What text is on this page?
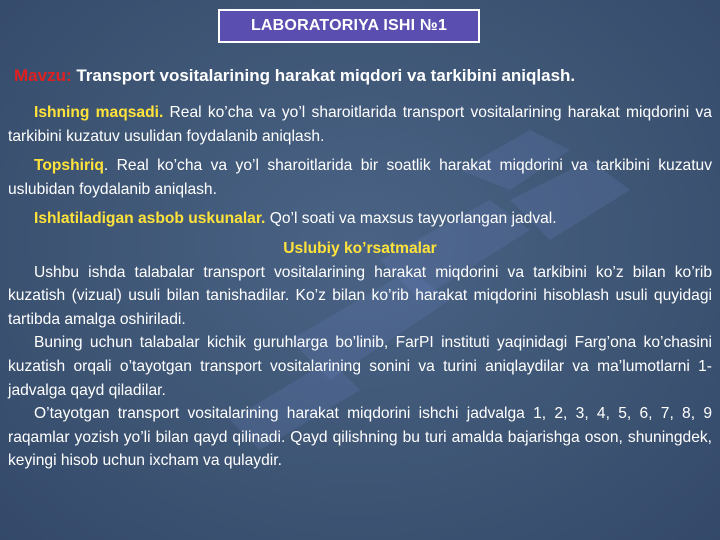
LABORATORIYA ISHI №1
Mavzu: Transport vositalarining harakat miqdori va tarkibini aniqlash.

Ishning maqsadi. Real ko’cha va yo’l sharoitlarida transport vositalarining harakat miqdorini va tarkibini kuzatuv usulidan foydalanib aniqlash.

Topshiriq. Real ko’cha va yo’l sharoitlarida bir soatlik harakat miqdorini va tarkibini kuzatuv uslubidan foydalanib aniqlash.

Ishlatiladigan asbob uskunalar. Qo’l soati va maxsus tayyorlangan jadval.

Uslubiy ko’rsatmalar

Ushbu ishda talabalar transport vositalarining harakat miqdorini va tarkibini ko’z bilan ko’rib kuzatish (vizual) usuli bilan tanishadilar. Ko’z bilan ko’rib harakat miqdorini hisoblash usuli quyidagi tartibda amalga oshiriladi.

Buning uchun talabalar kichik guruhlarga bo’linib, FarPI instituti yaqinidagi Farg’ona ko’chasini kuzatish orqali o’tayotgan transport vositalarining sonini va turini aniqlaydilar va ma’lumotlarni 1-jadvalga qayd qiladilar.

O’tayotgan transport vositalarining harakat miqdorini ishchi jadvalga 1, 2, 3, 4, 5, 6, 7, 8, 9 raqamlar yozish yo’li bilan qayd qilinadi. Qayd qilishning bu turi amalda bajarishga oson, shuningdek, keyingi hisob uchun ixcham va qulaydir.
